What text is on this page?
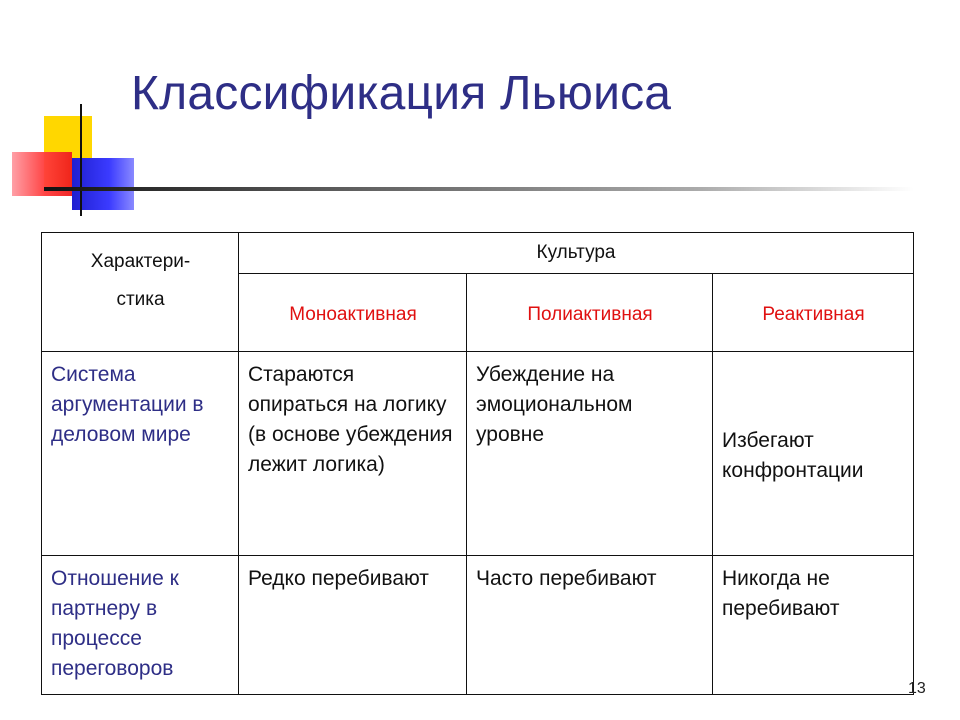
Классификация Льюиса
Характери-
стика	Культура		
	Моноактивная	Полиактивная	Реактивная
Система аргументации в деловом мире	Стараются опираться на логику (в основе убеждения лежит логика)	Убеждение на эмоциональном уровне	Избегают конфронтации
Отношение к партнеру в процессе переговоров	Редко перебивают	Часто перебивают	Никогда не перебивают
13
